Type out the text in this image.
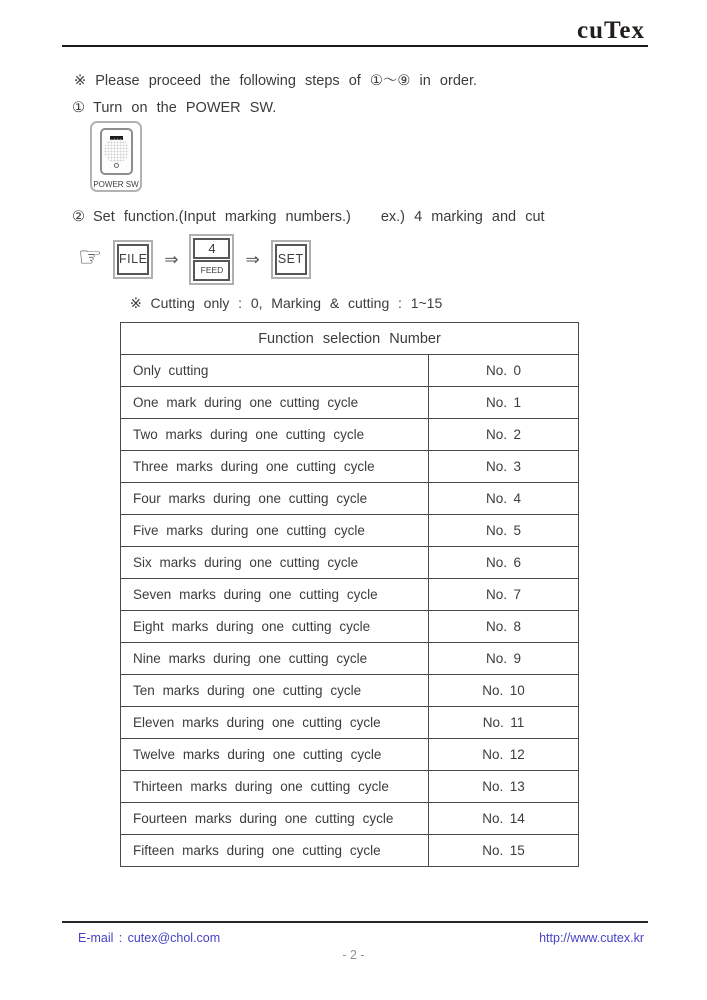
cuTex
※ Please proceed the following steps of ①～⑨ in order.
① Turn on the POWER SW.
POWER SW
② Set function.(Input marking numbers.) ex.) 4 marking and cut
☞ FILE ⇒
4
FEED
⇒ SET
※ Cutting only : 0, Marking & cutting : 1~15
Function selection Number	
Only cutting	No. 0
One mark during one cutting cycle	No. 1
Two marks during one cutting cycle	No. 2
Three marks during one cutting cycle	No. 3
Four marks during one cutting cycle	No. 4
Five marks during one cutting cycle	No. 5
Six marks during one cutting cycle	No. 6
Seven marks during one cutting cycle	No. 7
Eight marks during one cutting cycle	No. 8
Nine marks during one cutting cycle	No. 9
Ten marks during one cutting cycle	No. 10
Eleven marks during one cutting cycle	No. 11
Twelve marks during one cutting cycle	No. 12
Thirteen marks during one cutting cycle	No. 13
Fourteen marks during one cutting cycle	No. 14
Fifteen marks during one cutting cycle	No. 15
E-mail : cutex@chol.com	http://www.cutex.kr
- 2 -
